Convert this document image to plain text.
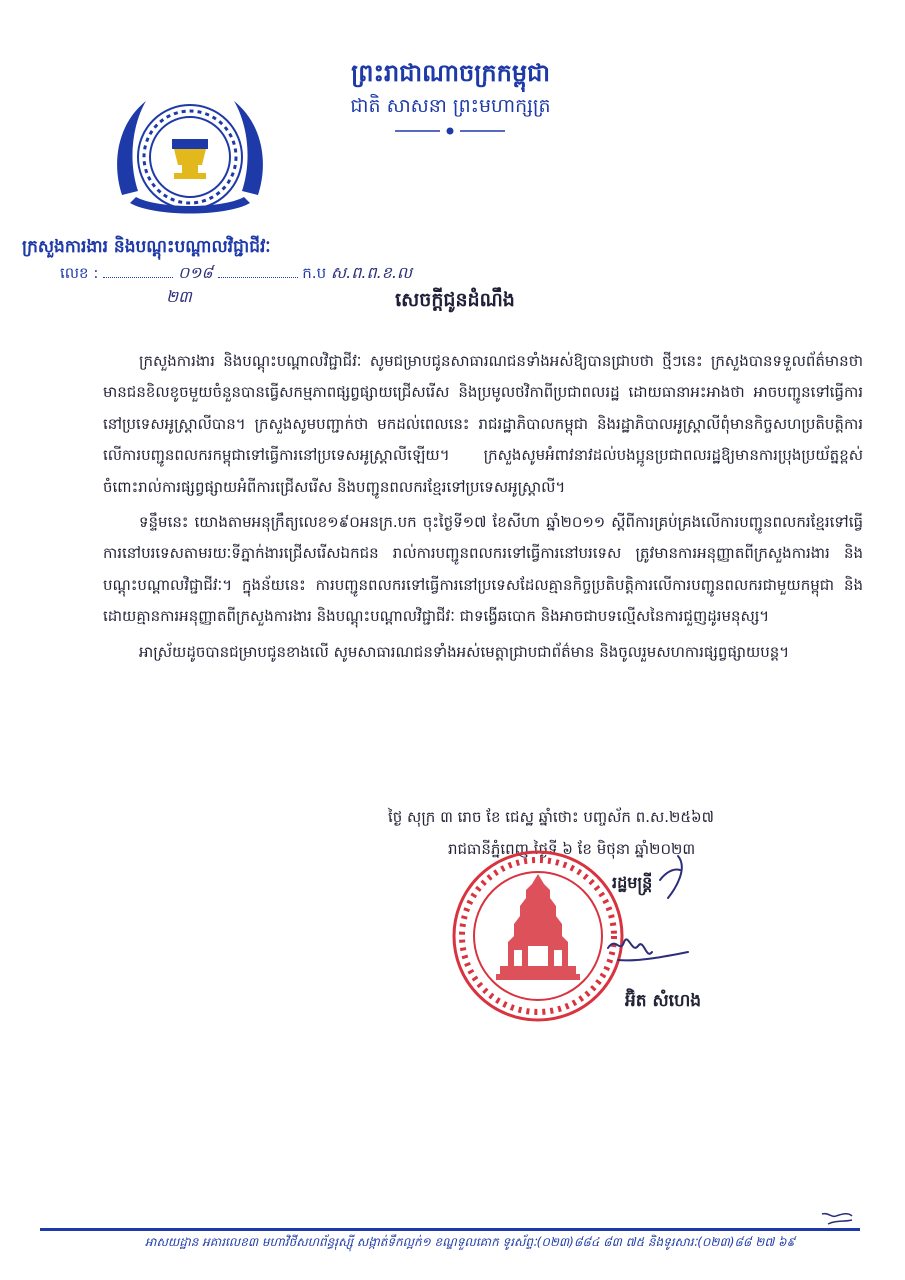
ព្រះរាជាណាចក្រកម្ពុជា
ជាតិ សាសនា ព្រះមហាក្សត្រ
ក្រសួងការងារ និងបណ្តុះបណ្តាលវិជ្ជាជីវៈ
លេខ :	០១៨	ក.ប ស.ព.ព.ខ.ល
២៣	សេចក្តីជូនដំណឹង

ក្រសួងការងារ និងបណ្តុះបណ្តាលវិជ្ជាជីវៈ សូមជម្រាបជូនសាធារណជនទាំងអស់ឱ្យបានជ្រាបថា ថ្មីៗនេះ ក្រសួងបានទទួលព័ត៌មានថាមានជនខិលខូចមួយចំនួនបានធ្វើសកម្មភាពផ្សព្វផ្សាយជ្រើសរើស និងប្រមូលថវិកាពីប្រជាពលរដ្ឋ ដោយធានាអះអាងថា អាចបញ្ជូនទៅធ្វើការនៅប្រទេសអូស្ត្រាលីបាន។ ក្រសួងសូមបញ្ជាក់ថា មកដល់ពេលនេះ រាជរដ្ឋាភិបាលកម្ពុជា និងរដ្ឋាភិបាលអូស្ត្រាលីពុំមានកិច្ចសហប្រតិបត្តិការលើការបញ្ជូនពលករកម្ពុជាទៅធ្វើការនៅប្រទេសអូស្ត្រាលីឡើយ។ ក្រសួងសូមអំពាវនាវដល់បងប្អូនប្រជាពលរដ្ឋឱ្យមានការប្រុងប្រយ័ត្នខ្ពស់ចំពោះរាល់ការផ្សព្វផ្សាយអំពីការជ្រើសរើស និងបញ្ជូនពលករខ្មែរទៅប្រទេសអូស្ត្រាលី។

ទន្ទឹមនេះ យោងតាមអនុក្រឹត្យលេខ១៩០អនក្រ.បក ចុះថ្ងៃទី១៧ ខែសីហា ឆ្នាំ២០១១ ស្តីពីការគ្រប់គ្រងលើការបញ្ជូនពលករខ្មែរទៅធ្វើការនៅបរទេសតាមរយៈទីភ្នាក់ងារជ្រើសរើសឯកជន រាល់ការបញ្ជូនពលករទៅធ្វើការនៅបរទេស ត្រូវមានការអនុញ្ញាតពីក្រសួងការងារ និងបណ្តុះបណ្តាលវិជ្ជាជីវៈ។ ក្នុងន័យនេះ ការបញ្ជូនពលករទៅធ្វើការនៅប្រទេសដែលគ្មានកិច្ចប្រតិបត្តិការលើការបញ្ជូនពលករជាមួយកម្ពុជា និងដោយគ្មានការអនុញ្ញាតពីក្រសួងការងារ និងបណ្តុះបណ្តាលវិជ្ជាជីវៈ ជាទង្វើឆបោក និងអាចជាបទល្មើសនៃការជួញដូរមនុស្ស។

អាស្រ័យដូចបានជម្រាបជូនខាងលើ សូមសាធារណជនទាំងអស់មេត្តាជ្រាបជាព័ត៌មាន និងចូលរួមសហការផ្សព្វផ្សាយបន្ត។

ថ្ងៃ សុក្រ ៣ រោច ខែ ជេស្ឋ ឆ្នាំថោះ បញ្ចស័ក ព.ស.២៥៦៧
រាជធានីភ្នំពេញ ថ្ងៃទី ៦ ខែ មិថុនា ឆ្នាំ២០២៣
រដ្ឋមន្ត្រី
អ៊ិត សំហេង
អាសយដ្ឋាន អគារលេខ៣ មហាវិថីសហព័ន្ធរុស្ស៊ី សង្កាត់ទឹកល្អក់១ ខណ្ឌទួលគោក ទូរស័ព្ទៈ(០២៣)៨៨៤ ៨៣ ៧៥ និងទូរសារៈ(០២៣)៨៨ ២៧ ៦៩
